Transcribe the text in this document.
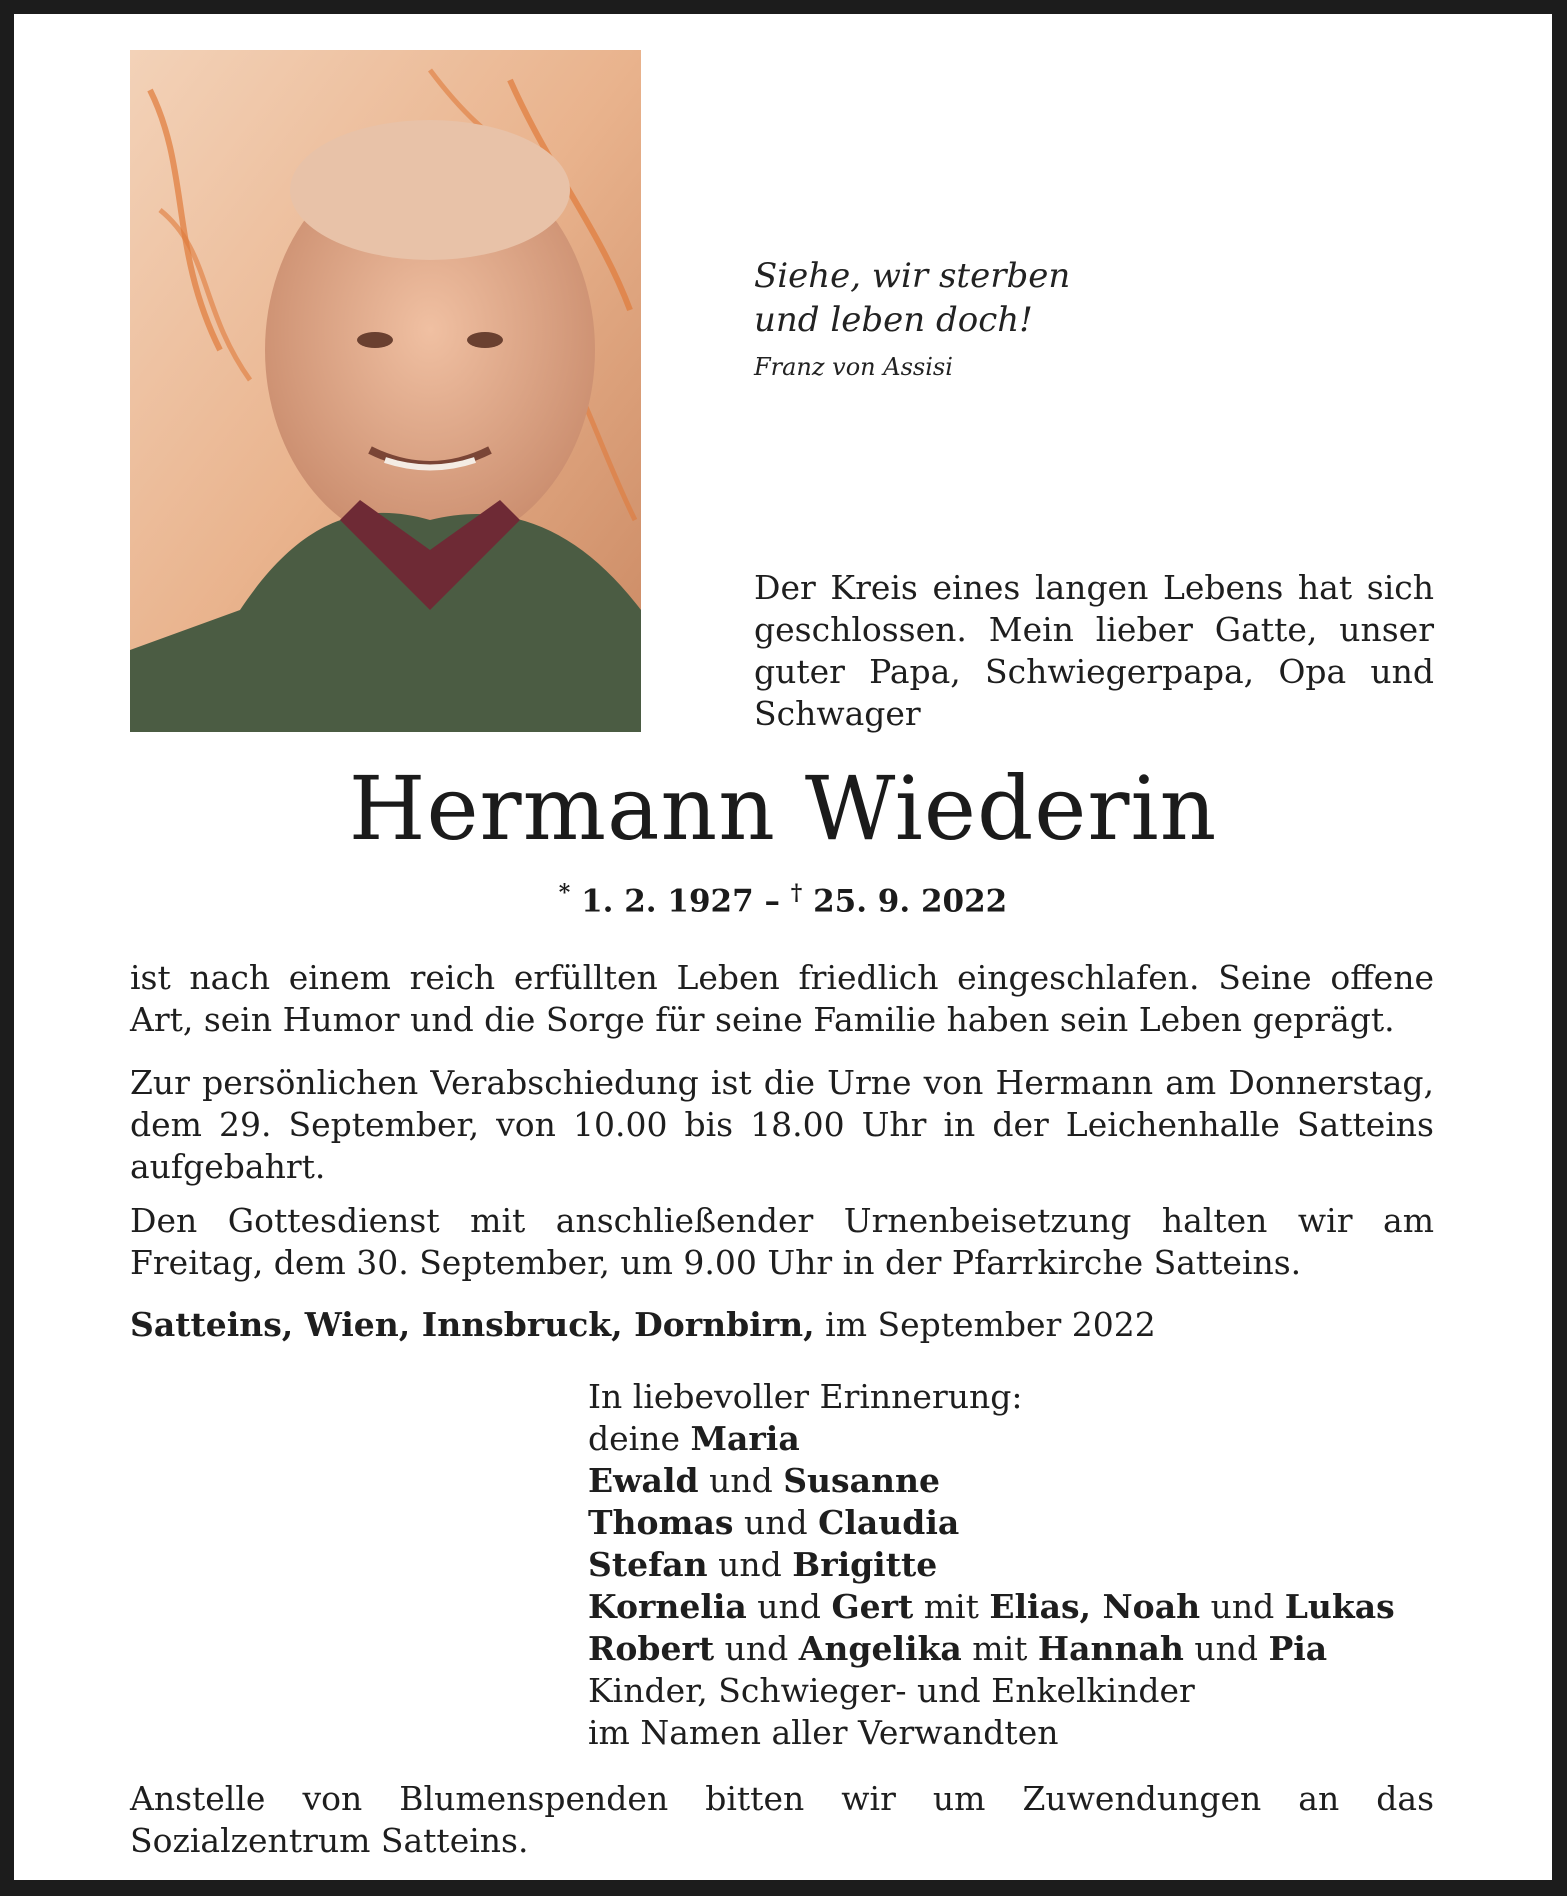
Siehe, wir sterben
und leben doch!
Franz von Assisi
Der Kreis eines langen Lebens hat sich geschlossen. Mein lieber Gatte, unser guter Papa, Schwiegerpapa, Opa und Schwager
Hermann Wiederin
* 1. 2. 1927 – † 25. 9. 2022
ist nach einem reich erfüllten Leben friedlich eingeschlafen. Seine offene Art, sein Humor und die Sorge für seine Familie haben sein Leben geprägt.
Zur persönlichen Verabschiedung ist die Urne von Hermann am Donnerstag, dem 29. September, von 10.00 bis 18.00 Uhr in der Leichenhalle Satteins aufgebahrt.
Den Gottesdienst mit anschließender Urnenbeisetzung halten wir am Freitag, dem 30. September, um 9.00 Uhr in der Pfarrkirche Satteins.
Satteins, Wien, Innsbruck, Dornbirn, im September 2022
In liebevoller Erinnerung:
deine Maria
Ewald und Susanne
Thomas und Claudia
Stefan und Brigitte
Kornelia und Gert mit Elias, Noah und Lukas
Robert und Angelika mit Hannah und Pia
Kinder, Schwieger- und Enkelkinder
im Namen aller Verwandten
Anstelle von Blumenspenden bitten wir um Zuwendungen an das Sozialzentrum Satteins.
